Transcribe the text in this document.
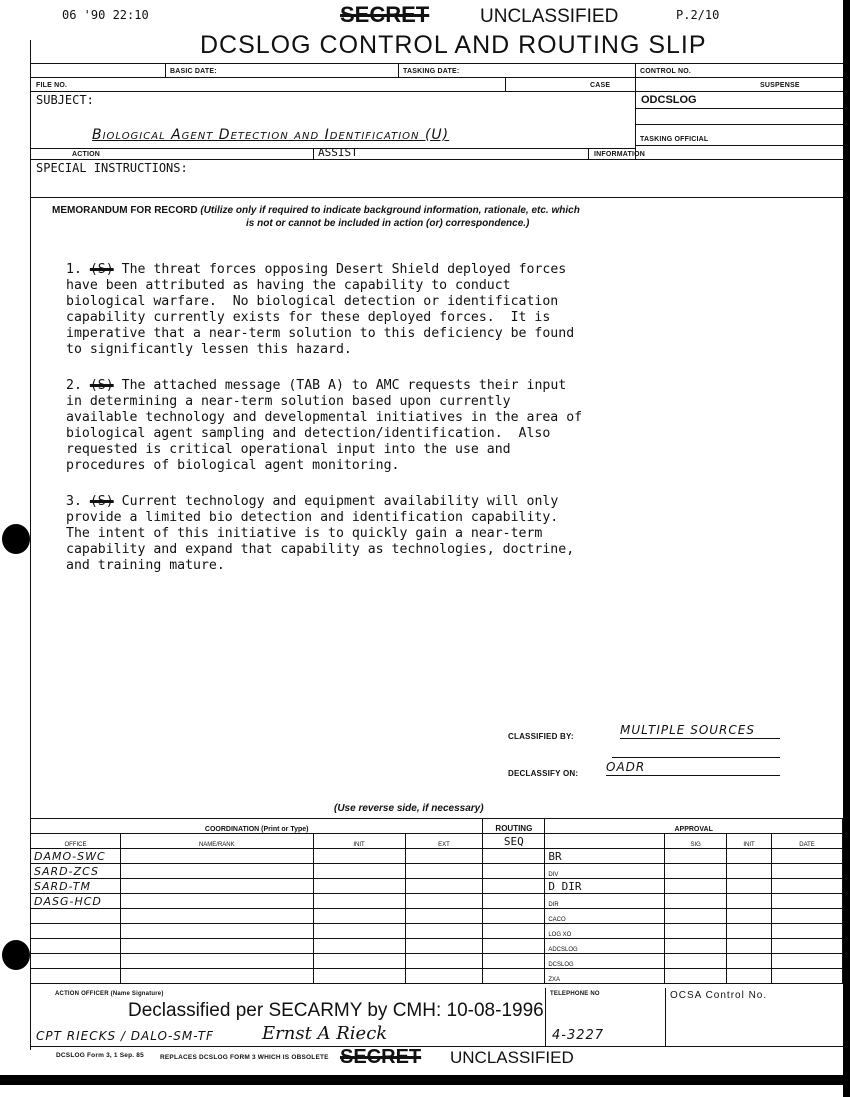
06 '90 22:10	P.2/10
SECRET	UNCLASSIFIED
DCSLOG CONTROL AND ROUTING SLIP
BASIC DATE:	TASKING DATE:	CONTROL NO.
FILE NO.	CASE	SUSPENSE
SUBJECT:	ODCSLOG
Biological Agent Detection and Identification (U)	TASKING OFFICIAL
ACTION	ASSIST	INFORMATION
SPECIAL INSTRUCTIONS:
MEMORANDUM FOR RECORD (Utilize only if required to indicate background information, rationale, etc. which
is not or cannot be included in action (or) correspondence.)

1. (S) The threat forces opposing Desert Shield deployed forces
have been attributed as having the capability to conduct
biological warfare.  No biological detection or identification
capability currently exists for these deployed forces.  It is
imperative that a near-term solution to this deficiency be found
to significantly lessen this hazard.

2. (S) The attached message (TAB A) to AMC requests their input
in determining a near-term solution based upon currently
available technology and developmental initiatives in the area of
biological agent sampling and detection/identification.  Also
requested is critical operational input into the use and
procedures of biological agent monitoring.

3. (S) Current technology and equipment availability will only
provide a limited bio detection and identification capability.
The intent of this initiative is to quickly gain a near-term
capability and expand that capability as technologies, doctrine,
and training mature.

CLASSIFIED BY:	MULTIPLE SOURCES
DECLASSIFY ON: OADR
(Use reverse side, if necessary)
COORDINATION (Print or Type)				ROUTING	APPROVAL			
OFFICE	NAME/RANK	INIT	EXT	SEQ		SIG	INIT	DATE
DAMO-SWC					BR			
SARD-ZCS					DIV			
SARD-TM					D DIR			
DASG-HCD					DIR			
					CACO			
					LOG XO			
					ADCSLOG			
					DCSLOG			
					ZXA			
ACTION OFFICER (Name Signature)	TELEPHONE NO	OCSA Control No.
Declassified per SECARMY by CMH: 10-08-1996
CPT RIECKS / DALO-SM-TF	Ernst A Rieck	4-3227
DCSLOG Form 3, 1 Sep. 85 REPLACES DCSLOG FORM 3 WHICH IS OBSOLETE SECRET UNCLASSIFIED
